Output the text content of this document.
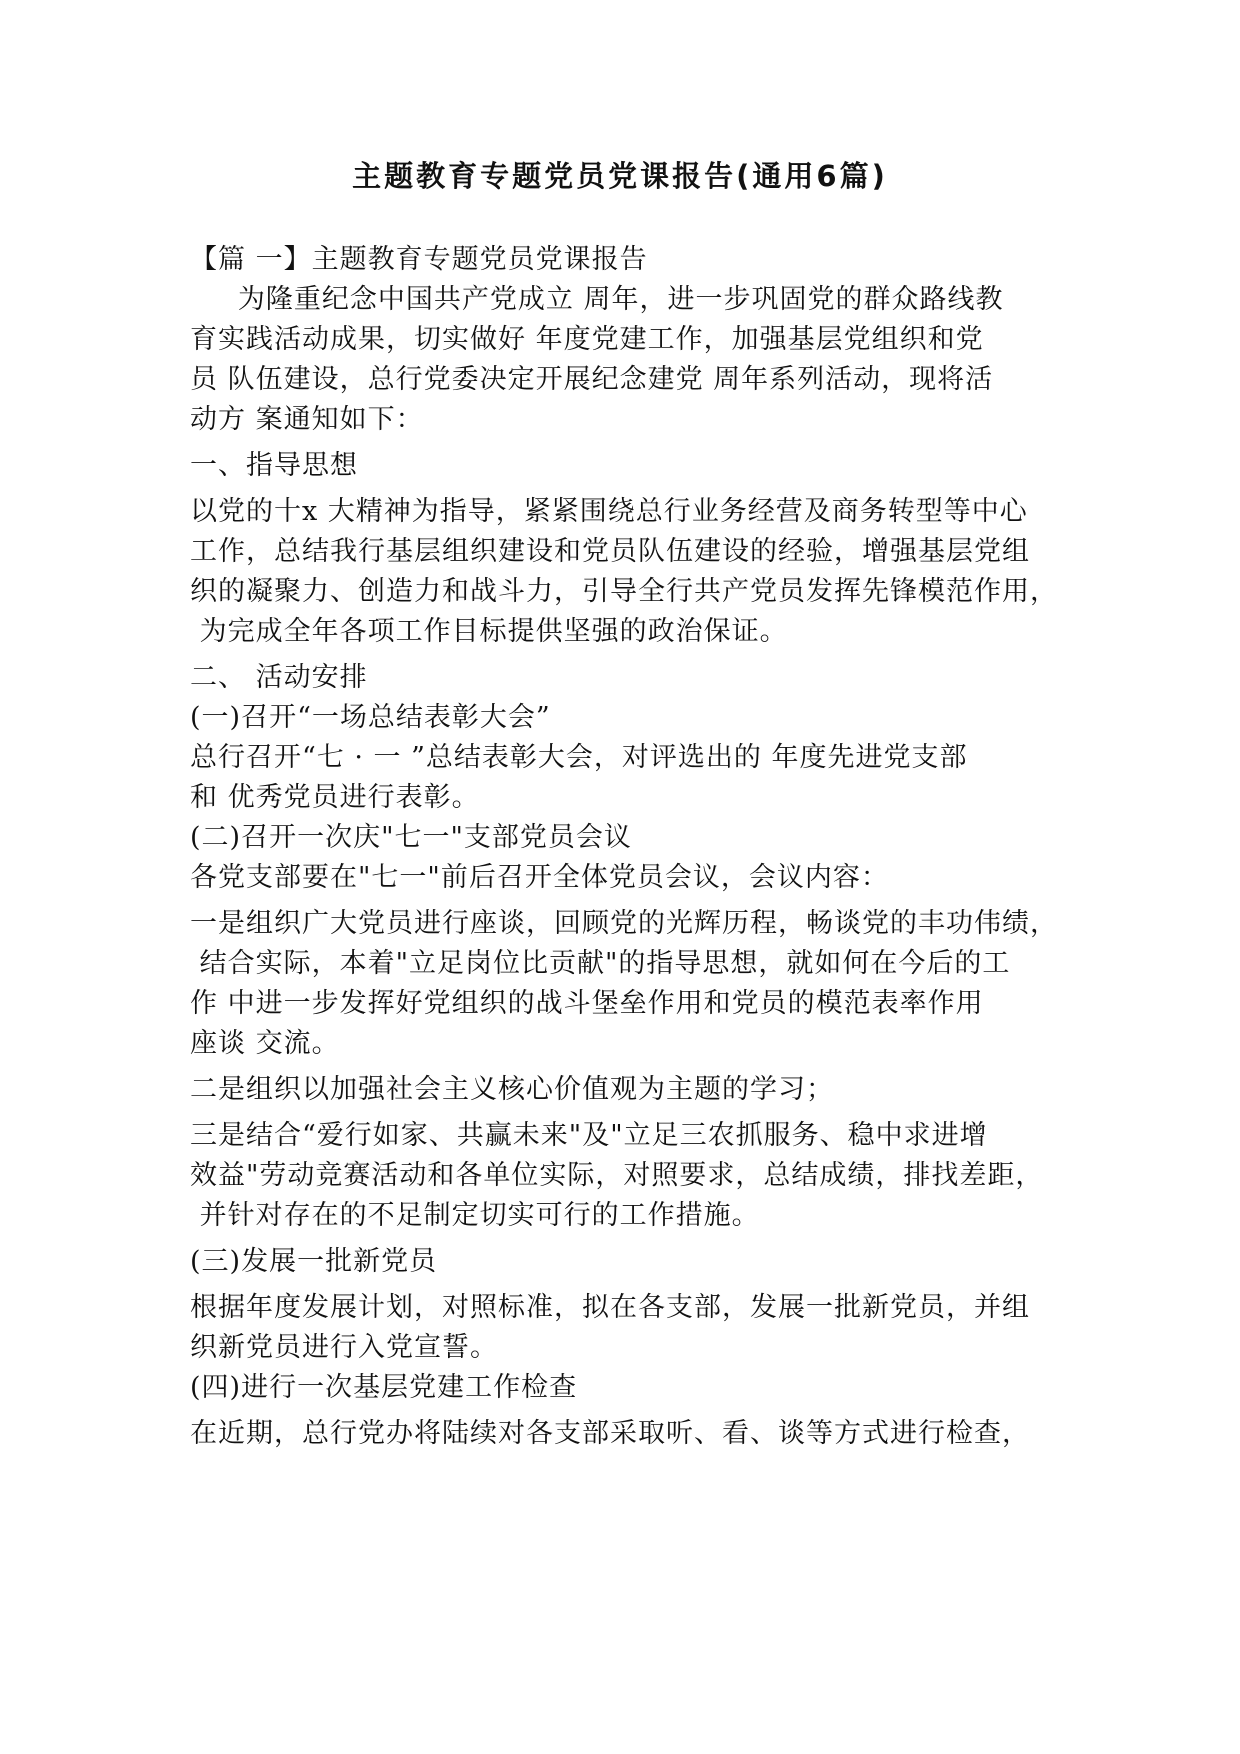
主题教育专题党员党课报告(通用6篇)

【篇 一】主题教育专题党员党课报告

为隆重纪念中国共产党成立 周年，进一步巩固党的群众路线教

育实践活动成果，切实做好 年度党建工作，加强基层党组织和党

员 队伍建设，总行党委决定开展纪念建党 周年系列活动，现将活

动方 案通知如下：

一、指导思想

以党的十x 大精神为指导，紧紧围绕总行业务经营及商务转型等中心

工作，总结我行基层组织建设和党员队伍建设的经验，增强基层党组

织的凝聚力、创造力和战斗力，引导全行共产党员发挥先锋模范作用，

为完成全年各项工作目标提供坚强的政治保证。

二、 活动安排

(一)召开“一场总结表彰大会”

总行召开“七 · 一 ”总结表彰大会，对评选出的 年度先进党支部

和 优秀党员进行表彰。

(二)召开一次庆"七一"支部党员会议

各党支部要在"七一"前后召开全体党员会议，会议内容：

一是组织广大党员进行座谈，回顾党的光辉历程，畅谈党的丰功伟绩，

结合实际，本着"立足岗位比贡献"的指导思想，就如何在今后的工

作 中进一步发挥好党组织的战斗堡垒作用和党员的模范表率作用

座谈 交流。

二是组织以加强社会主义核心价值观为主题的学习；

三是结合“爱行如家、共赢未来"及"立足三农抓服务、稳中求进增

效益"劳动竞赛活动和各单位实际，对照要求，总结成绩，排找差距，

并针对存在的不足制定切实可行的工作措施。

(三)发展一批新党员

根据年度发展计划，对照标准，拟在各支部，发展一批新党员，并组

织新党员进行入党宣誓。

(四)进行一次基层党建工作检查

在近期，总行党办将陆续对各支部采取听、看、谈等方式进行检查，
